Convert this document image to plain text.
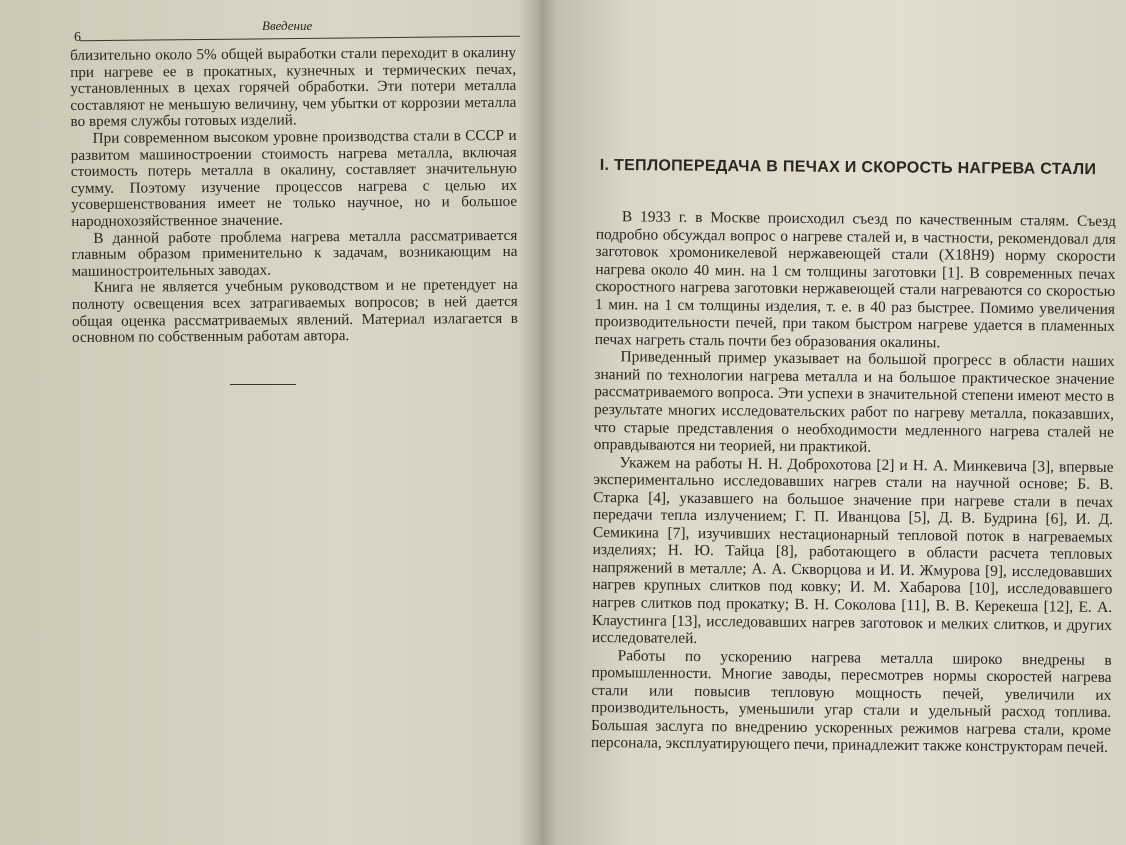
Введение
6

близительно около 5% общей выработки стали переходит в окалину при нагреве ее в прокатных, кузнечных и термических печах, установленных в цехах горячей обработки. Эти потери металла составляют не меньшую величину, чем убытки от коррозии металла во время службы готовых изделий.

При современном высоком уровне производства стали в СССР и развитом машиностроении стоимость нагрева металла, включая стоимость потерь металла в окалину, составляет значительную сумму. Поэтому изучение процессов нагрева с целью их усовершенствования имеет не только научное, но и большое народнохозяйственное значение.

В данной работе проблема нагрева металла рассматривается главным образом применительно к задачам, возникающим на машиностроительных заводах.

Книга не является учебным руководством и не претендует на полноту освещения всех затрагиваемых вопросов; в ней дается общая оценка рассматриваемых явлений. Материал излагается в основном по собственным работам автора.

I. ТЕПЛОПЕРЕДАЧА В ПЕЧАХ И СКОРОСТЬ НАГРЕВА СТАЛИ

В 1933 г. в Москве происходил съезд по качественным сталям. Съезд подробно обсуждал вопрос о нагреве сталей и, в частности, рекомендовал для заготовок хромоникелевой нержавеющей стали (Х18Н9) норму скорости нагрева около 40 мин. на 1 см толщины заготовки [1]. В современных печах скоростного нагрева заготовки нержавеющей стали нагреваются со скоростью 1 мин. на 1 см толщины изделия, т. е. в 40 раз быстрее. Помимо увеличения производительности печей, при таком быстром нагреве удается в пламенных печах нагреть сталь почти без образования окалины.

Приведенный пример указывает на большой прогресс в области наших знаний по технологии нагрева металла и на большое практическое значение рассматриваемого вопроса. Эти успехи в значительной степени имеют место в результате многих исследовательских работ по нагреву металла, показавших, что старые представления о необходимости медленного нагрева сталей не оправдываются ни теорией, ни практикой.

Укажем на работы Н. Н. Доброхотова [2] и Н. А. Минкевича [3], впервые экспериментально исследовавших нагрев стали на научной основе; Б. В. Старка [4], указавшего на большое значение при нагреве стали в печах передачи тепла излучением; Г. П. Иванцова [5], Д. В. Будрина [6], И. Д. Семикина [7], изучивших нестационарный тепловой поток в нагреваемых изделиях; Н. Ю. Тайца [8], работающего в области расчета тепловых напряжений в металле; А. А. Скворцова и И. И. Жмурова [9], исследовавших нагрев крупных слитков под ковку; И. М. Хабарова [10], исследовавшего нагрев слитков под прокатку; В. Н. Соколова [11], В. В. Керекеша [12], Е. А. Клаустинга [13], исследовавших нагрев заготовок и мелких слитков, и других исследователей.

Работы по ускорению нагрева металла широко внедрены в промышленности. Многие заводы, пересмотрев нормы скоростей нагрева стали или повысив тепловую мощность печей, увеличили их производительность, уменьшили угар стали и удельный расход топлива. Большая заслуга по внедрению ускоренных режимов нагрева стали, кроме персонала, эксплуатирующего печи, принадлежит также конструкторам печей.
